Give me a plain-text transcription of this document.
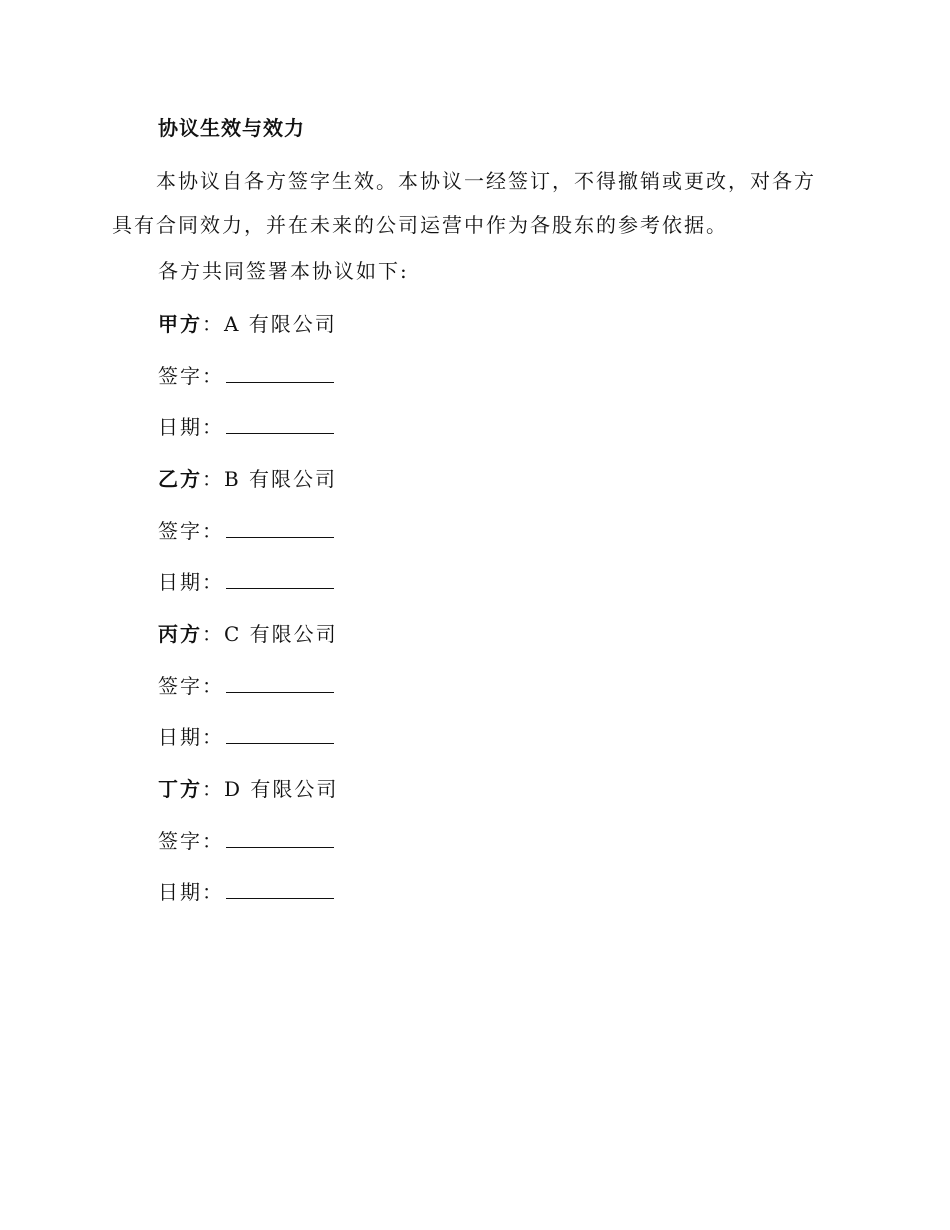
协议生效与效力
本协议自各方签字生效。本协议一经签订，不得撤销或更改，对各方具有合同效力，并在未来的公司运营中作为各股东的参考依据。
各方共同签署本协议如下:
甲方：A 有限公司
签字：
日期：
乙方：B 有限公司
签字：
日期：
丙方：C 有限公司
签字：
日期：
丁方：D 有限公司
签字：
日期：
